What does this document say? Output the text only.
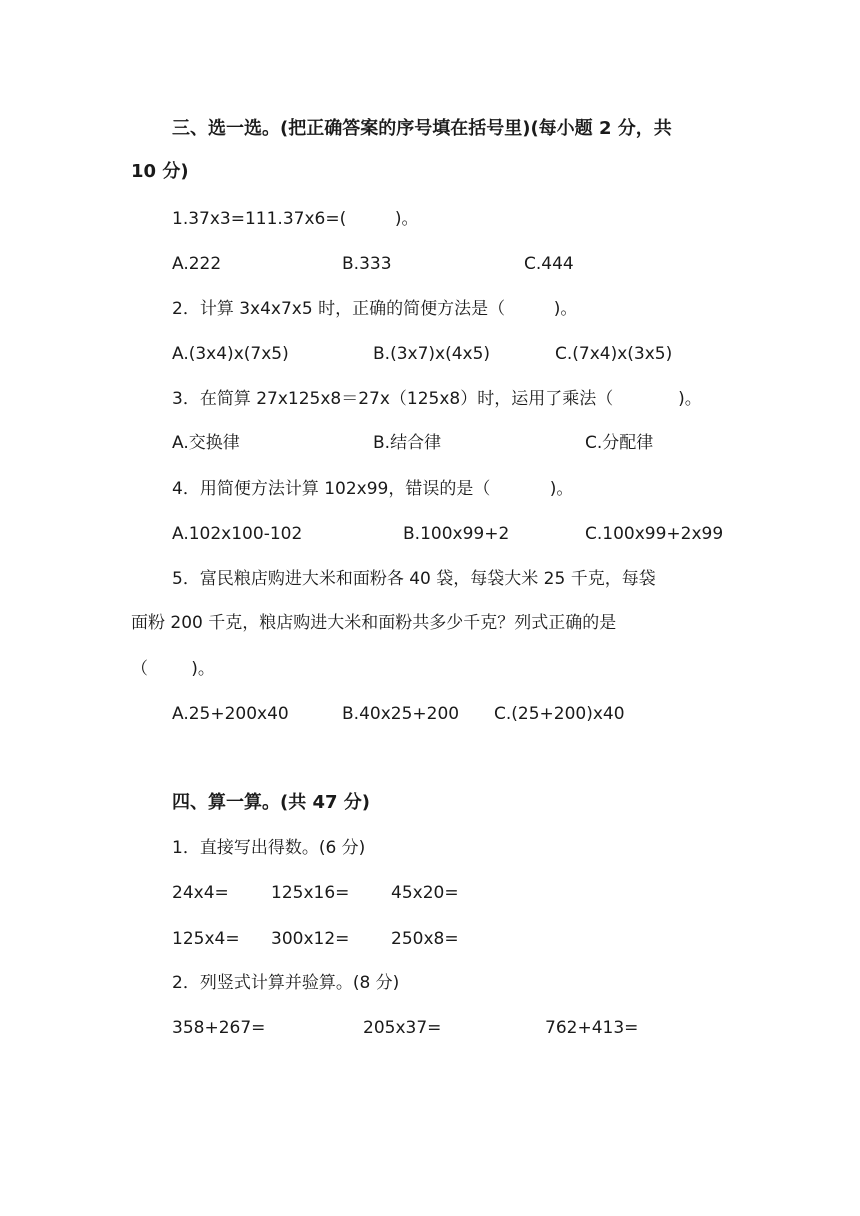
三、选一选。(把正确答案的序号填在括号里)(每小题 2 分，共
10 分)
1.37x3=111.37x6=(         )。
A.222	B.333	C.444
2．计算 3x4x7x5 时，正确的简便方法是（         )。
A.(3x4)x(7x5)	B.(3x7)x(4x5)	C.(7x4)x(3x5)
3．在简算 27x125x8＝27x（125x8）时，运用了乘法（            )。
A.交换律	B.结合律	C.分配律
4．用简便方法计算 102x99，错误的是（           )。
A.102x100-102	B.100x99+2	C.100x99+2x99
5．富民粮店购进大米和面粉各 40 袋，每袋大米 25 千克，每袋
面粉 200 千克，粮店购进大米和面粉共多少千克？列式正确的是
（        )。
A.25+200x40	B.40x25+200 C.(25+200)x40
四、算一算。(共 47 分)
1．直接写出得数。(6 分)
24x4= 125x16= 45x20=
125x4= 300x12= 250x8=
2．列竖式计算并验算。(8 分)
358+267=	205x37=	762+413=
